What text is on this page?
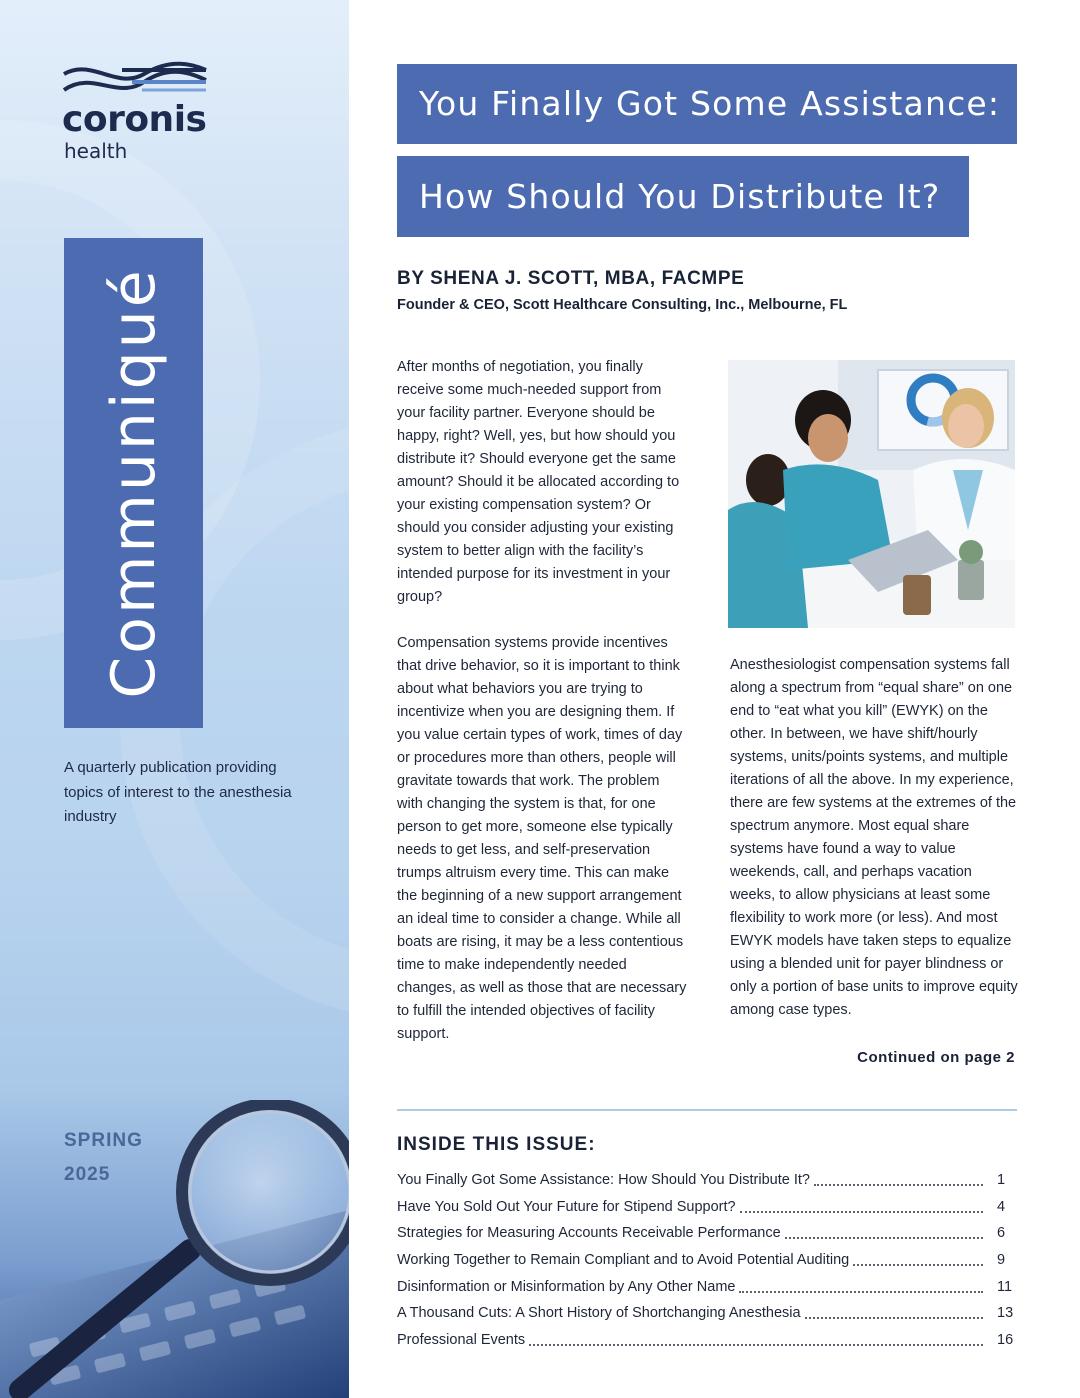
coronis
health
Communiqué
A quarterly publication providing topics of interest to the anesthesia industry
SPRING
2025
You Finally Got Some Assistance:
How Should You Distribute It?
BY SHENA J. SCOTT, MBA, FACMPE
Founder & CEO, Scott Healthcare Consulting, Inc., Melbourne, FL

After months of negotiation, you finally receive some much-needed support from your facility partner. Everyone should be happy, right? Well, yes, but how should you distribute it? Should everyone get the same amount? Should it be allocated according to your existing compensation system? Or should you consider adjusting your existing system to better align with the facility’s intended purpose for its investment in your group?

Compensation systems provide incentives that drive behavior, so it is important to think about what behaviors you are trying to incentivize when you are designing them. If you value certain types of work, times of day or procedures more than others, people will gravitate towards that work. The problem with changing the system is that, for one person to get more, someone else typically needs to get less, and self-preservation trumps altruism every time. This can make the beginning of a new support arrangement an ideal time to consider a change. While all boats are rising, it may be a less contentious time to make independently needed changes, as well as those that are necessary to fulfill the intended objectives of facility support.

Anesthesiologist compensation systems fall along a spectrum from “equal share” on one end to “eat what you kill” (EWYK) on the other. In between, we have shift/hourly systems, units/points systems, and multiple iterations of all the above. In my experience, there are few systems at the extremes of the spectrum anymore. Most equal share systems have found a way to value weekends, call, and perhaps vacation weeks, to allow physicians at least some flexibility to work more (or less). And most EWYK models have taken steps to equalize using a blended unit for payer blindness or only a portion of base units to improve equity among case types.

Continued on page 2
INSIDE THIS ISSUE:
You Finally Got Some Assistance: How Should You Distribute It?	1
Have You Sold Out Your Future for Stipend Support?	4
Strategies for Measuring Accounts Receivable Performance	6
Working Together to Remain Compliant and to Avoid Potential Auditing	9
Disinformation or Misinformation by Any Other Name	11
A Thousand Cuts: A Short History of Shortchanging Anesthesia	13
Professional Events	16
